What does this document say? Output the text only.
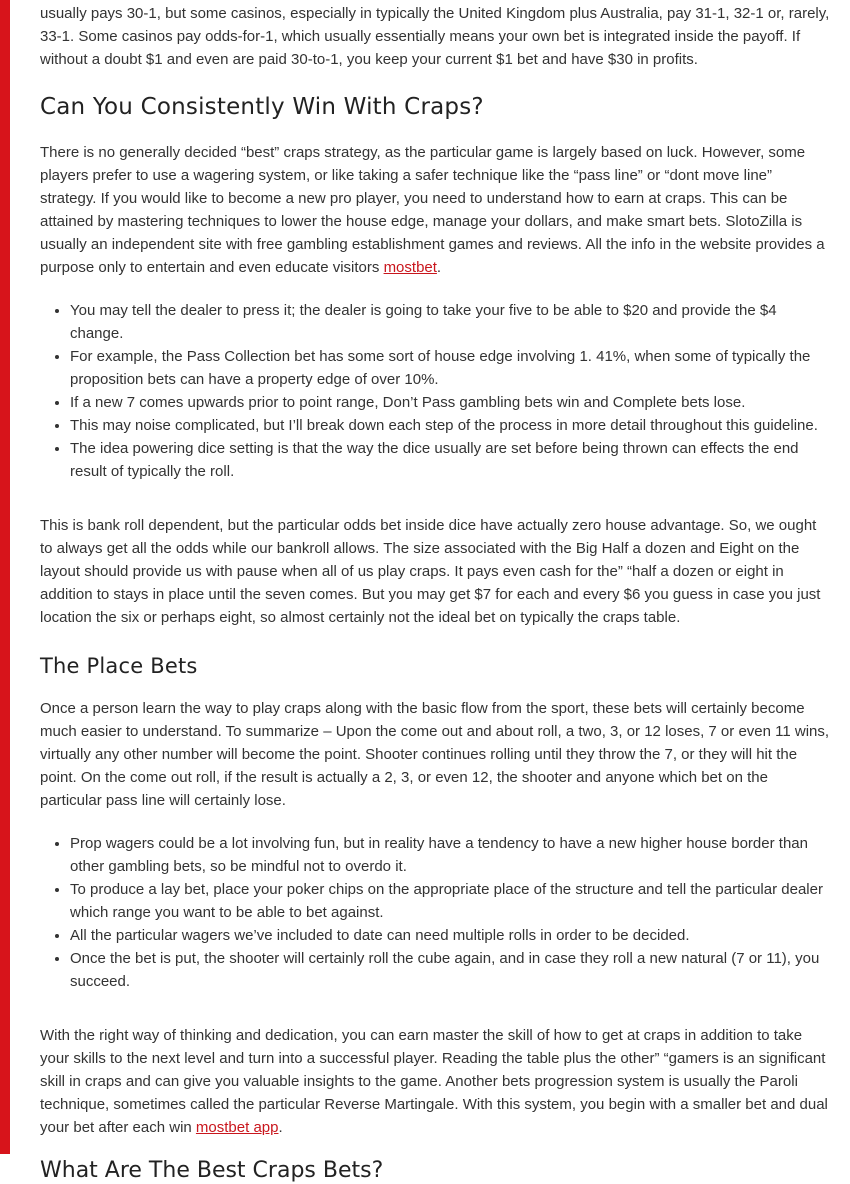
usually pays 30-1, but some casinos, especially in typically the United Kingdom plus Australia, pay 31-1, 32-1 or, rarely, 33-1. Some casinos pay odds-for-1, which usually essentially means your own bet is integrated inside the payoff. If without a doubt $1 and even are paid 30-to-1, you keep your current $1 bet and have $30 in profits.

Can You Consistently Win With Craps?

There is no generally decided “best” craps strategy, as the particular game is largely based on luck. However, some players prefer to use a wagering system, or like taking a safer technique like the “pass line” or “dont move line” strategy. If you would like to become a new pro player, you need to understand how to earn at craps. This can be attained by mastering techniques to lower the house edge, manage your dollars, and make smart bets. SlotoZilla is usually an independent site with free gambling establishment games and reviews. All the info in the website provides a purpose only to entertain and even educate visitors mostbet.

• You may tell the dealer to press it; the dealer is going to take your five to be able to $20 and provide the $4 change.
• For example, the Pass Collection bet has some sort of house edge involving 1. 41%, when some of typically the proposition bets can have a property edge of over 10%.
• If a new 7 comes upwards prior to point range, Don’t Pass gambling bets win and Complete bets lose.
• This may noise complicated, but I’ll break down each step of the process in more detail throughout this guideline.
• The idea powering dice setting is that the way the dice usually are set before being thrown can effects the end result of typically the roll.

This is bank roll dependent, but the particular odds bet inside dice have actually zero house advantage. So, we ought to always get all the odds while our bankroll allows. The size associated with the Big Half a dozen and Eight on the layout should provide us with pause when all of us play craps. It pays even cash for the” “half a dozen or eight in addition to stays in place until the seven comes. But you may get $7 for each and every $6 you guess in case you just location the six or perhaps eight, so almost certainly not the ideal bet on typically the craps table.

The Place Bets

Once a person learn the way to play craps along with the basic flow from the sport, these bets will certainly become much easier to understand. To summarize – Upon the come out and about roll, a two, 3, or 12 loses, 7 or even 11 wins, virtually any other number will become the point. Shooter continues rolling until they throw the 7, or they will hit the point. On the come out roll, if the result is actually a 2, 3, or even 12, the shooter and anyone which bet on the particular pass line will certainly lose.

• Prop wagers could be a lot involving fun, but in reality have a tendency to have a new higher house border than other gambling bets, so be mindful not to overdo it.
• To produce a lay bet, place your poker chips on the appropriate place of the structure and tell the particular dealer which range you want to be able to bet against.
• All the particular wagers we’ve included to date can need multiple rolls in order to be decided.
• Once the bet is put, the shooter will certainly roll the cube again, and in case they roll a new natural (7 or 11), you succeed.

With the right way of thinking and dedication, you can earn master the skill of how to get at craps in addition to take your skills to the next level and turn into a successful player. Reading the table plus the other” “gamers is an significant skill in craps and can give you valuable insights to the game. Another bets progression system is usually the Paroli technique, sometimes called the particular Reverse Martingale. With this system, you begin with a smaller bet and dual your bet after each win mostbet app.

What Are The Best Craps Bets?
